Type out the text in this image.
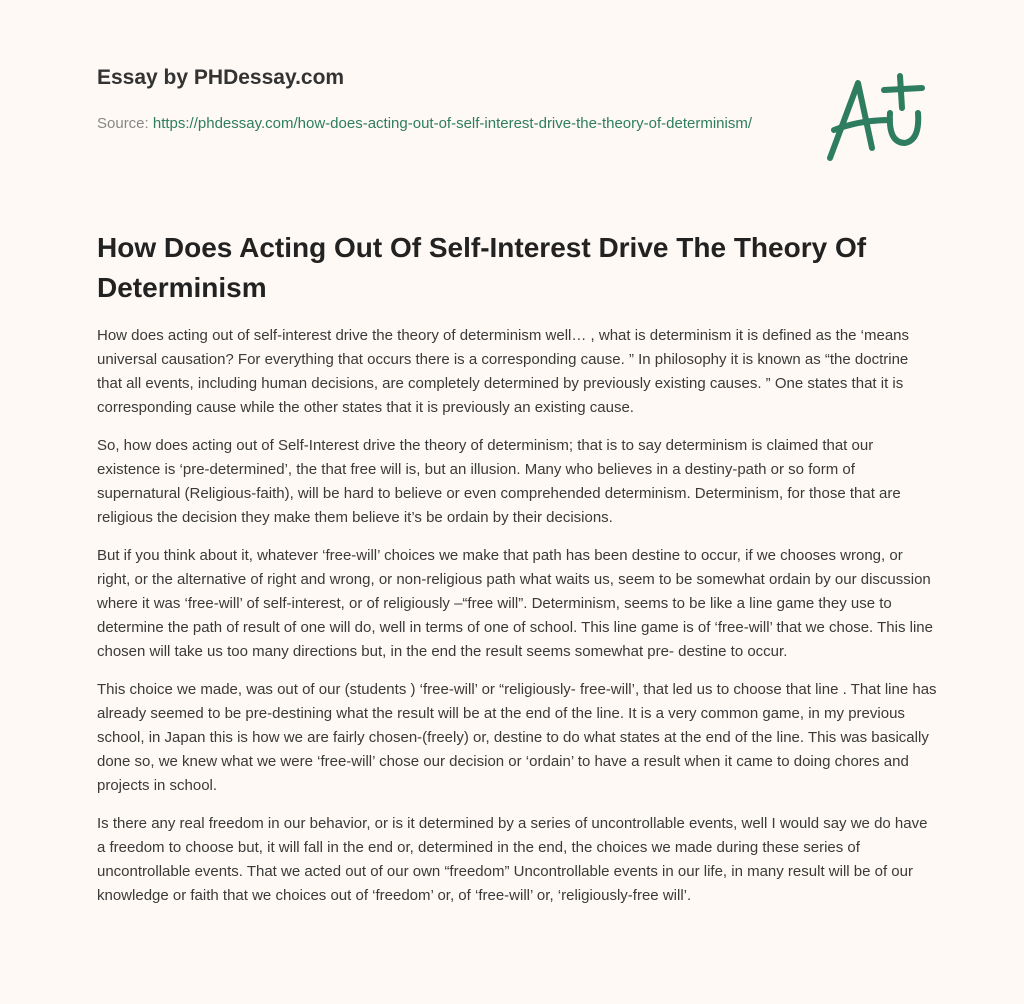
Essay by PHDessay.com
Source: https://phdessay.com/how-does-acting-out-of-self-interest-drive-the-theory-of-determinism/
How Does Acting Out Of Self-Interest Drive The Theory Of Determinism

How does acting out of self-interest drive the theory of determinism well… , what is determinism it is defined as the ‘means universal causation? For everything that occurs there is a corresponding cause. ” In philosophy it is known as “the doctrine that all events, including human decisions, are completely determined by previously existing causes. ” One states that it is corresponding cause while the other states that it is previously an existing cause.

So, how does acting out of Self-Interest drive the theory of determinism; that is to say determinism is claimed that our existence is ‘pre-determined’, the that free will is, but an illusion. Many who believes in a destiny-path or so form of supernatural (Religious-faith), will be hard to believe or even comprehended determinism. Determinism, for those that are religious the decision they make them believe it’s be ordain by their decisions.

But if you think about it, whatever ‘free-will’ choices we make that path has been destine to occur, if we chooses wrong, or right, or the alternative of right and wrong, or non-religious path what waits us, seem to be somewhat ordain by our discussion where it was ‘free-will’ of self-interest, or of religiously –“free will”. Determinism, seems to be like a line game they use to determine the path of result of one will do, well in terms of one of school. This line game is of ‘free-will’ that we chose. This line chosen will take us too many directions but, in the end the result seems somewhat pre- destine to occur.

This choice we made, was out of our (students ) ‘free-will’ or “religiously- free-will’, that led us to choose that line . That line has already seemed to be pre-destining what the result will be at the end of the line. It is a very common game, in my previous school, in Japan this is how we are fairly chosen-(freely) or, destine to do what states at the end of the line. This was basically done so, we knew what we were ‘free-will’ chose our decision or ‘ordain’ to have a result when it came to doing chores and projects in school.

Is there any real freedom in our behavior, or is it determined by a series of uncontrollable events, well I would say we do have a freedom to choose but, it will fall in the end or, determined in the end, the choices we made during these series of uncontrollable events. That we acted out of our own “freedom” Uncontrollable events in our life, in many result will be of our knowledge or faith that we choices out of ‘freedom’ or, of ‘free-will’ or, ‘religiously-free will’.
